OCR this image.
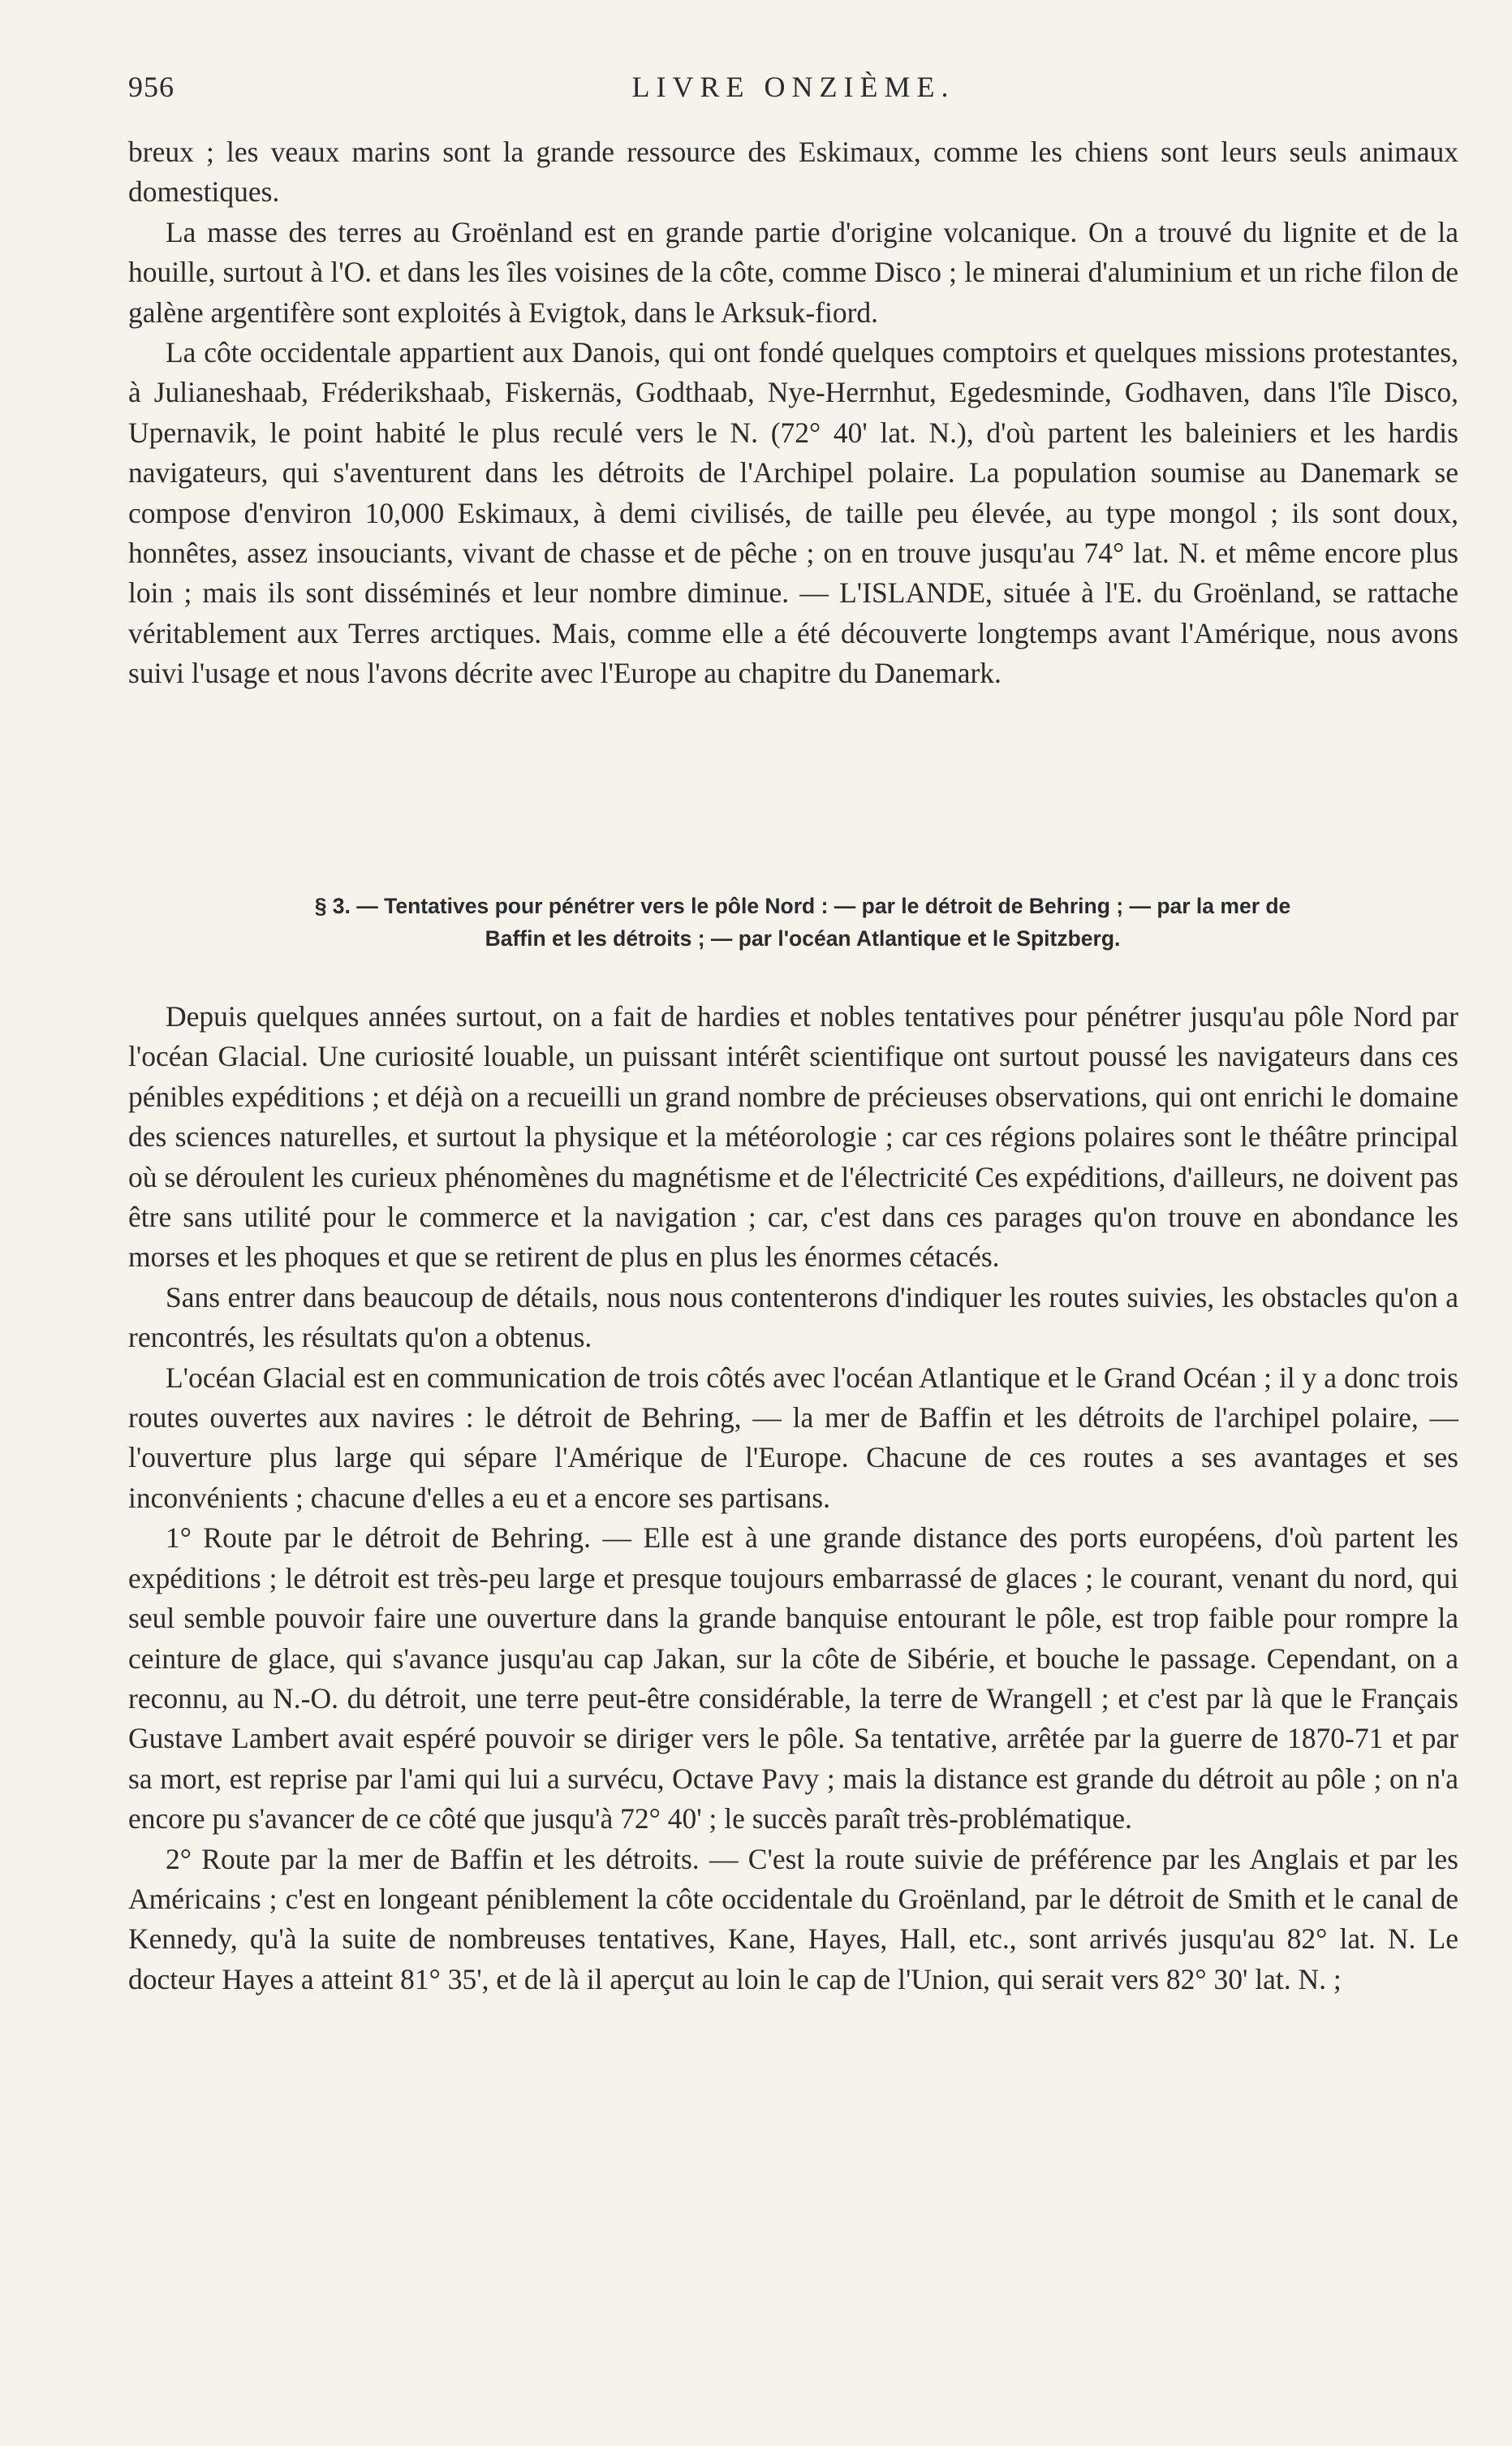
956	LIVRE ONZIÈME.

breux ; les veaux marins sont la grande ressource des Eskimaux, comme les chiens sont leurs seuls animaux domestiques.

La masse des terres au Groënland est en grande partie d'origine volcanique. On a trouvé du lignite et de la houille, surtout à l'O. et dans les îles voisines de la côte, comme Disco ; le minerai d'aluminium et un riche filon de galène argentifère sont exploités à Evigtok, dans le Arksuk-fiord.

La côte occidentale appartient aux Danois, qui ont fondé quelques comptoirs et quelques missions protestantes, à Julianeshaab, Fréderikshaab, Fiskernäs, Godthaab, Nye-Herrnhut, Egedesminde, Godhaven, dans l'île Disco, Upernavik, le point habité le plus reculé vers le N. (72° 40' lat. N.), d'où partent les baleiniers et les hardis navigateurs, qui s'aventurent dans les détroits de l'Archipel polaire. La population soumise au Danemark se compose d'environ 10,000 Eskimaux, à demi civilisés, de taille peu élevée, au type mongol ; ils sont doux, honnêtes, assez insouciants, vivant de chasse et de pêche ; on en trouve jusqu'au 74° lat. N. et même encore plus loin ; mais ils sont disséminés et leur nombre diminue. — L'ISLANDE, située à l'E. du Groënland, se rattache véritablement aux Terres arctiques. Mais, comme elle a été découverte longtemps avant l'Amérique, nous avons suivi l'usage et nous l'avons décrite avec l'Europe au chapitre du Danemark.

§ 3. — Tentatives pour pénétrer vers le pôle Nord : — par le détroit de Behring ; — par la mer de
Baffin et les détroits ; — par l'océan Atlantique et le Spitzberg.

Depuis quelques années surtout, on a fait de hardies et nobles tentatives pour pénétrer jusqu'au pôle Nord par l'océan Glacial. Une curiosité louable, un puissant intérêt scientifique ont surtout poussé les navigateurs dans ces pénibles expéditions ; et déjà on a recueilli un grand nombre de précieuses observations, qui ont enrichi le domaine des sciences naturelles, et surtout la physique et la météorologie ; car ces régions polaires sont le théâtre principal où se déroulent les curieux phénomènes du magnétisme et de l'électricité Ces expéditions, d'ailleurs, ne doivent pas être sans utilité pour le commerce et la navigation ; car, c'est dans ces parages qu'on trouve en abondance les morses et les phoques et que se retirent de plus en plus les énormes cétacés.

Sans entrer dans beaucoup de détails, nous nous contenterons d'indiquer les routes suivies, les obstacles qu'on a rencontrés, les résultats qu'on a obtenus.

L'océan Glacial est en communication de trois côtés avec l'océan Atlantique et le Grand Océan ; il y a donc trois routes ouvertes aux navires : le détroit de Behring, — la mer de Baffin et les détroits de l'archipel polaire, — l'ouverture plus large qui sépare l'Amérique de l'Europe. Chacune de ces routes a ses avantages et ses inconvénients ; chacune d'elles a eu et a encore ses partisans.

1° Route par le détroit de Behring. — Elle est à une grande distance des ports européens, d'où partent les expéditions ; le détroit est très-peu large et presque toujours embarrassé de glaces ; le courant, venant du nord, qui seul semble pouvoir faire une ouverture dans la grande banquise entourant le pôle, est trop faible pour rompre la ceinture de glace, qui s'avance jusqu'au cap Jakan, sur la côte de Sibérie, et bouche le passage. Cependant, on a reconnu, au N.-O. du détroit, une terre peut-être considérable, la terre de Wrangell ; et c'est par là que le Français Gustave Lambert avait espéré pouvoir se diriger vers le pôle. Sa tentative, arrêtée par la guerre de 1870-71 et par sa mort, est reprise par l'ami qui lui a survécu, Octave Pavy ; mais la distance est grande du détroit au pôle ; on n'a encore pu s'avancer de ce côté que jusqu'à 72° 40' ; le succès paraît très-problématique.

2° Route par la mer de Baffin et les détroits. — C'est la route suivie de préférence par les Anglais et par les Américains ; c'est en longeant péniblement la côte occidentale du Groënland, par le détroit de Smith et le canal de Kennedy, qu'à la suite de nombreuses tentatives, Kane, Hayes, Hall, etc., sont arrivés jusqu'au 82° lat. N. Le docteur Hayes a atteint 81° 35', et de là il aperçut au loin le cap de l'Union, qui serait vers 82° 30' lat. N. ;
